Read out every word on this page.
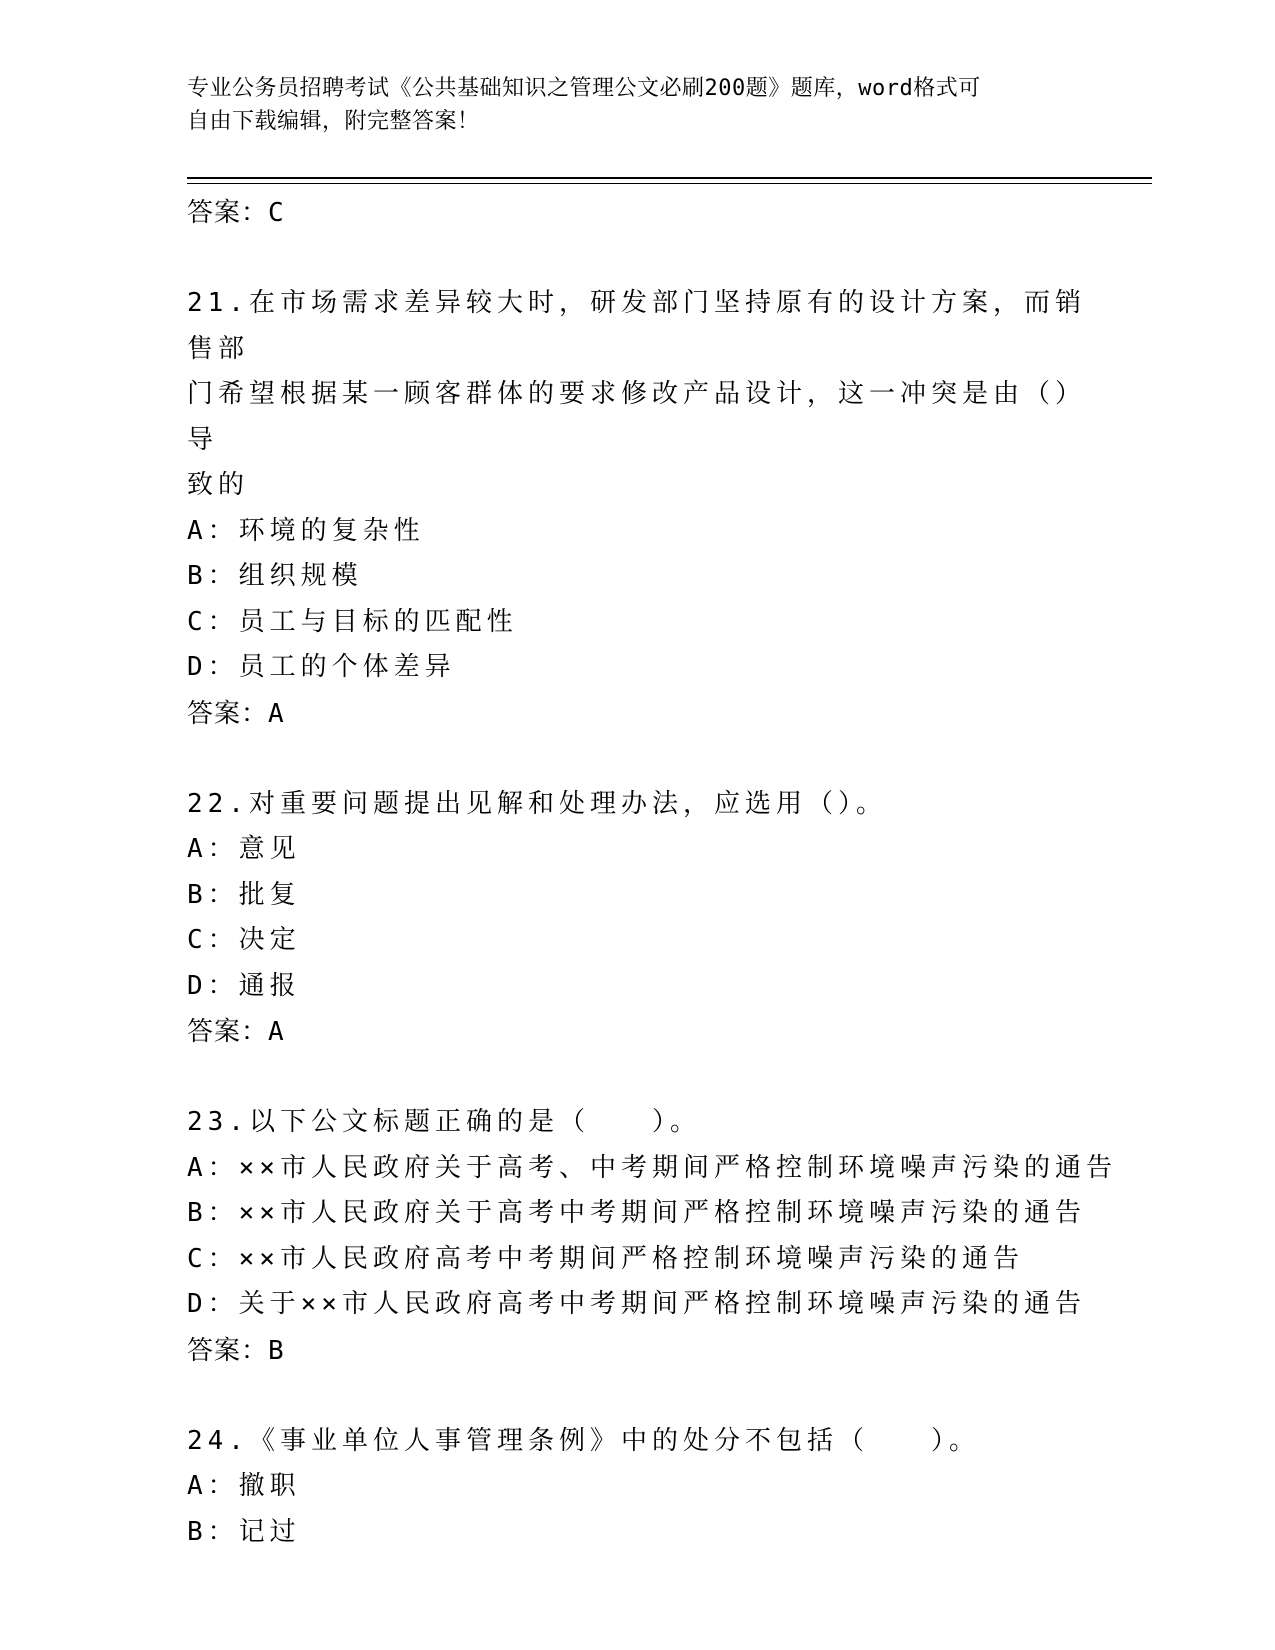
专业公务员招聘考试《公共基础知识之管理公文必刷200题》题库，word格式可
自由下载编辑，附完整答案！
答案：C
21.在市场需求差异较大时，研发部门坚持原有的设计方案，而销售部
门希望根据某一顾客群体的要求修改产品设计，这一冲突是由（）导
致的
A：环境的复杂性
B：组织规模
C：员工与目标的匹配性
D：员工的个体差异
答案：A
22.对重要问题提出见解和处理办法，应选用（）。
A：意见
B：批复
C：决定
D：通报
答案：A
23.以下公文标题正确的是（　　）。
A：××市人民政府关于高考、中考期间严格控制环境噪声污染的通告
B：××市人民政府关于高考中考期间严格控制环境噪声污染的通告
C：××市人民政府高考中考期间严格控制环境噪声污染的通告
D：关于××市人民政府高考中考期间严格控制环境噪声污染的通告
答案：B
24.《事业单位人事管理条例》中的处分不包括（　　）。
A：撤职
B：记过
